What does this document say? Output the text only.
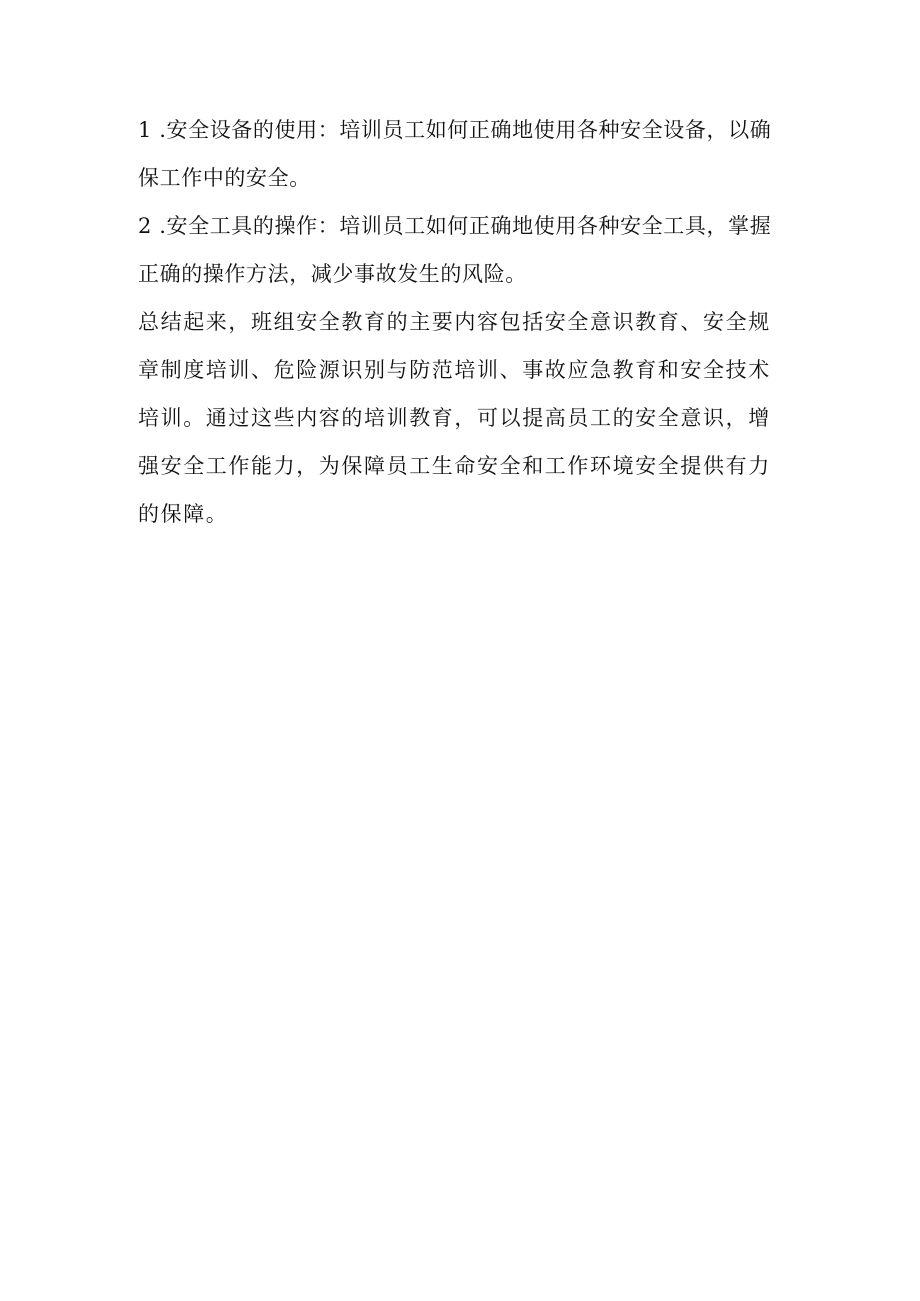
1 .安全设备的使用：培训员工如何正确地使用各种安全设备，以确保工作中的安全。

2 .安全工具的操作：培训员工如何正确地使用各种安全工具，掌握正确的操作方法，减少事故发生的风险。

总结起来，班组安全教育的主要内容包括安全意识教育、安全规章制度培训、危险源识别与防范培训、事故应急教育和安全技术培训。通过这些内容的培训教育，可以提高员工的安全意识，增强安全工作能力，为保障员工生命安全和工作环境安全提供有力的保障。
